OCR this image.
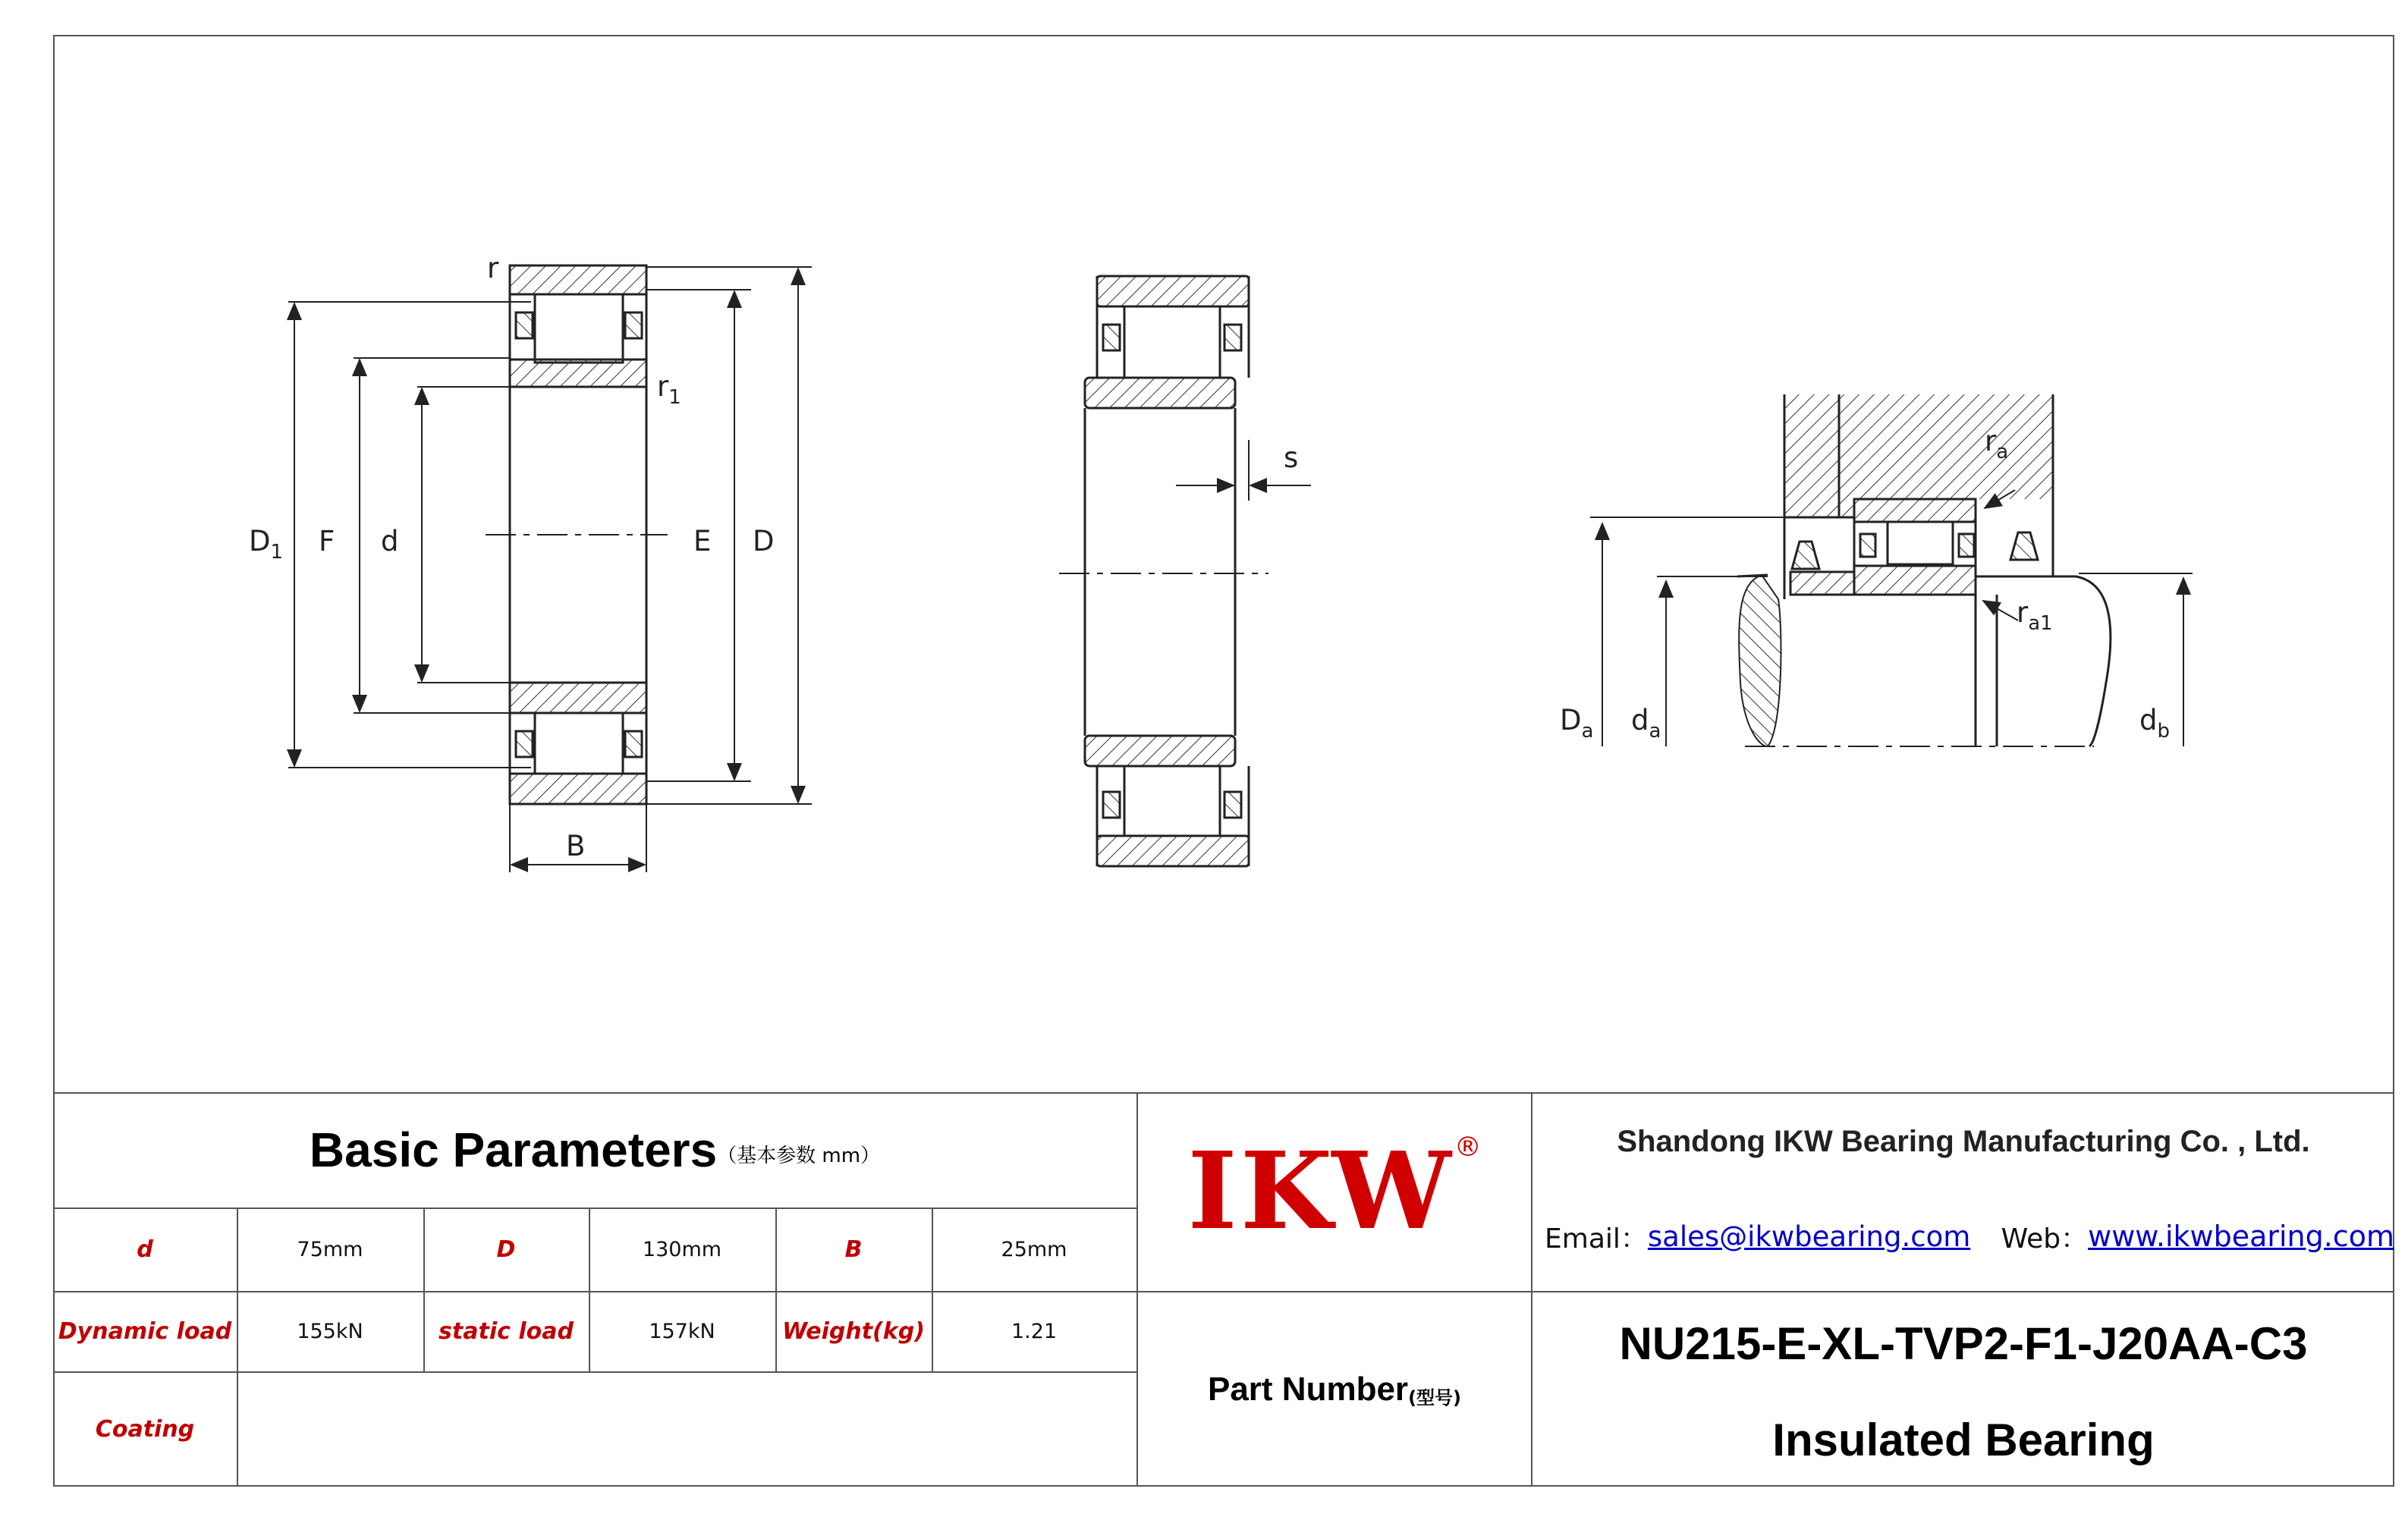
r
$r_1$
$D_1$ F d	E D
B
s
$r_a$
$r_{a1}$
$D_a$ $d_a$	$d_b$
Basic Parameters （基本参数 mm）
d	75mm	D	130mm	B	25mm
Dynamic load	155kN	static load	157kN	Weight(kg)	1.21
Coating
IKW ®
Part Number (型号)
Shandong IKW Bearing Manufacturing Co. , Ltd.
Email： sales@ikwbearing.com Web： www.ikwbearing.com
NU215-E-XL-TVP2-F1-J20AA-C3
Insulated Bearing
